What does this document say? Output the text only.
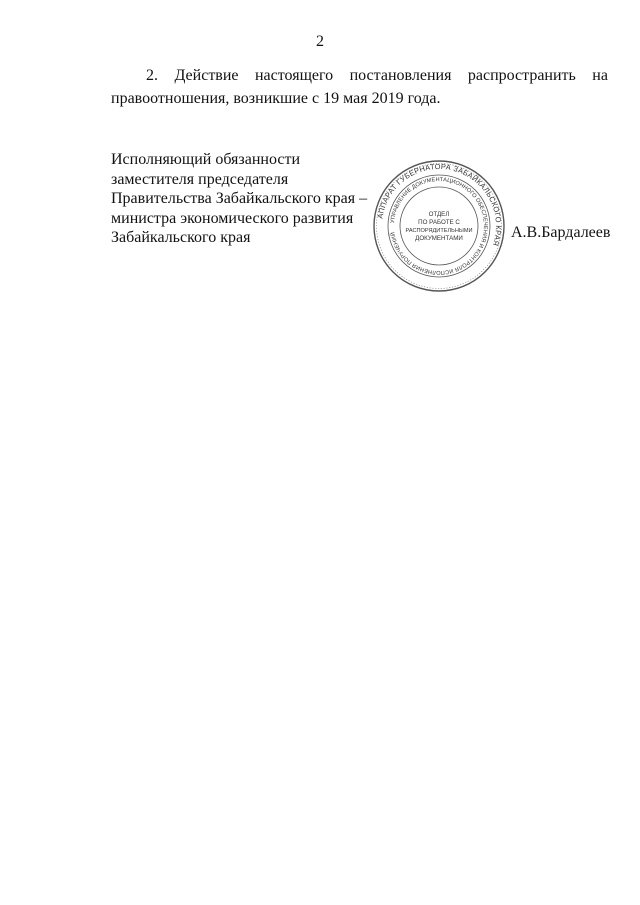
2
2. Действие настоящего постановления распространить на
правоотношения, возникшие с 19 мая 2019 года.
Исполняющий обязанности
заместителя председателя
Правительства Забайкальского края –
министра экономического развития
Забайкальского края
АППАРАТ ГУБЕРНАТОРА ЗАБАЙКАЛЬСКОГО КРАЯ
УПРАВЛЕНИЕ ДОКУМЕНТАЦИОННОГО ОБЕСПЕЧЕНИЯ И КОНТРОЛЯ ИСПОЛНЕНИЯ ПОРУЧЕНИЙ
ОТДЕЛ
ПО РАБОТЕ С
РАСПОРЯДИТЕЛЬНЫМИ
ДОКУМЕНТАМИ	А.В.Бардалеев
